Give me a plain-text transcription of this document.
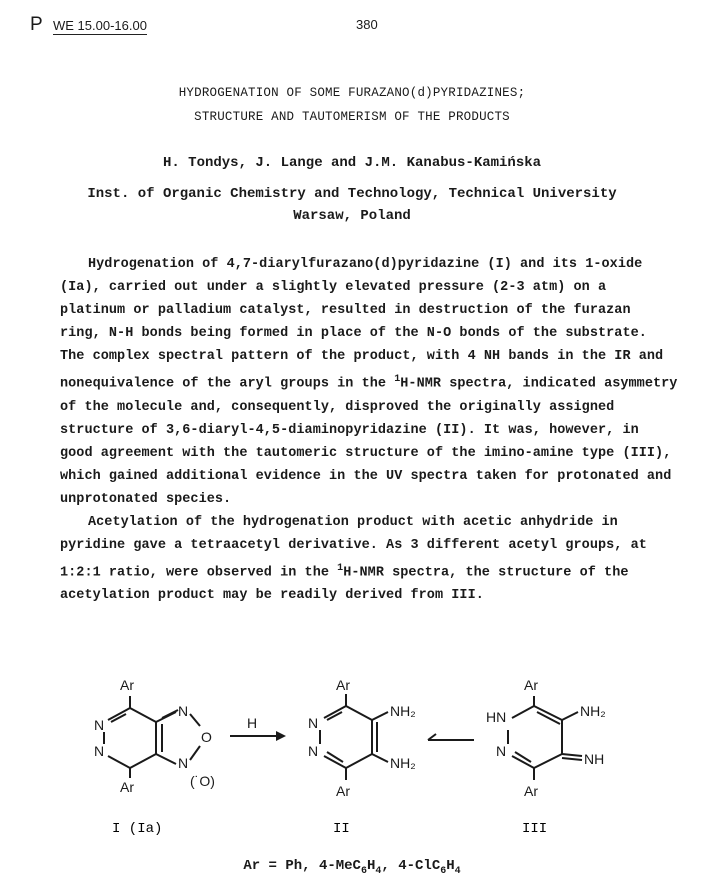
P WE 15.00-16.00	380
HYDROGENATION OF SOME FURAZANO(d)PYRIDAZINES;
STRUCTURE AND TAUTOMERISM OF THE PRODUCTS
H. Tondys, J. Lange and J.M. Kanabus-Kamińska
Inst. of Organic Chemistry and Technology, Technical University
Warsaw, Poland

Hydrogenation of 4,7-diarylfurazano(d)pyridazine (I) and its 1-oxide (Ia), carried out under a slightly elevated pressure (2-3 atm) on a platinum or palladium catalyst, resulted in destruction of the furazan ring, N-H bonds being formed in place of the N-O bonds of the substrate. The complex spectral pattern of the product, with 4 NH bands in the IR and nonequivalence of the aryl groups in the $^1$H-NMR spectra, indicated asymmetry of the molecule and, consequently, disproved the originally assigned structure of 3,6-diaryl-4,5-diaminopyridazine (II). It was, however, in good agreement with the tautomeric structure of the imino-amine type (III), which gained additional evidence in the UV spectra taken for protonated and unprotonated species.

Acetylation of the hydrogenation product with acetic anhydride in pyridine gave a tetraacetyl derivative. As 3 different acetyl groups, at 1:2:1 ratio, were observed in the $^1$H-NMR spectra, the structure of the acetylation product may be readily derived from III.

Ar
N
N
N
O
N
(˙O)
Ar
H
Ar
N
N
NH₂
NH₂
Ar
Ar
HN
N
NH₂
NH
Ar
I (Ia)	II	III
Ar = Ph, $4-MeC_6H_4$, $4-ClC_6H_4$
